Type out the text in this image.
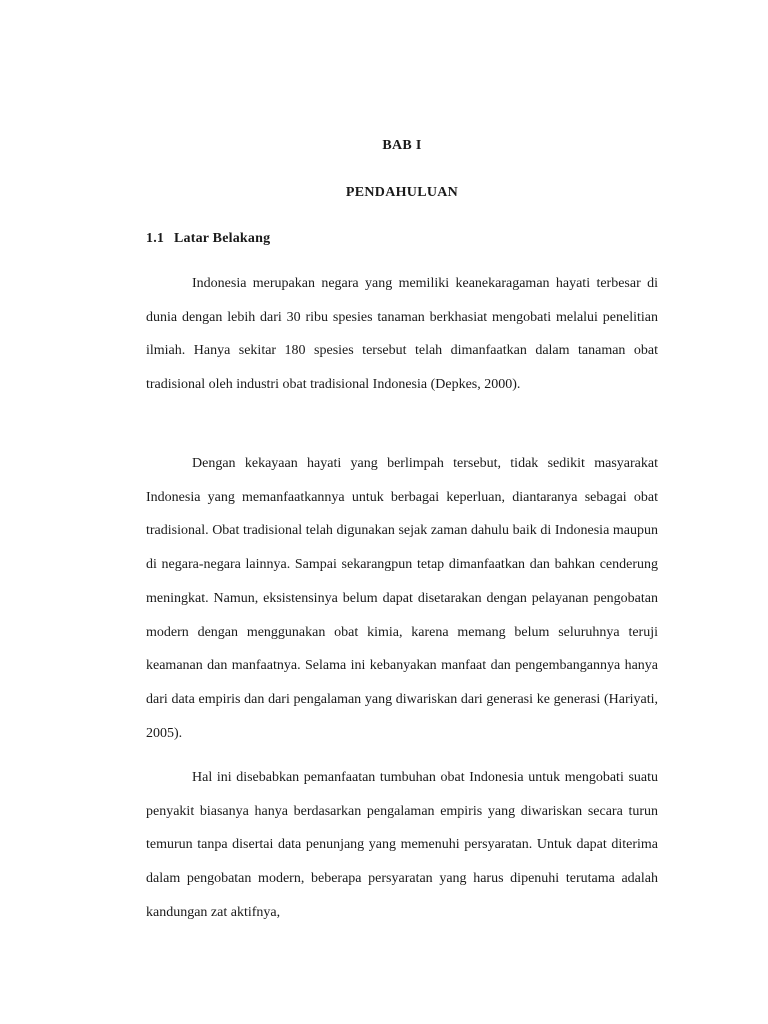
BAB I
PENDAHULUAN
1.1 Latar Belakang

Indonesia merupakan negara yang memiliki keanekaragaman hayati terbesar di dunia dengan lebih dari 30 ribu spesies tanaman berkhasiat mengobati melalui penelitian ilmiah. Hanya sekitar 180 spesies tersebut telah dimanfaatkan dalam tanaman obat tradisional oleh industri obat tradisional Indonesia (Depkes, 2000).

Dengan kekayaan hayati yang berlimpah tersebut, tidak sedikit masyarakat Indonesia yang memanfaatkannya untuk berbagai keperluan, diantaranya sebagai obat tradisional. Obat tradisional telah digunakan sejak zaman dahulu baik di Indonesia maupun di negara-negara lainnya. Sampai sekarangpun tetap dimanfaatkan dan bahkan cenderung meningkat. Namun, eksistensinya belum dapat disetarakan dengan pelayanan pengobatan modern dengan menggunakan obat kimia, karena memang belum seluruhnya teruji keamanan dan manfaatnya. Selama ini kebanyakan manfaat dan pengembangannya hanya dari data empiris dan dari pengalaman yang diwariskan dari generasi ke generasi (Hariyati, 2005).

Hal ini disebabkan pemanfaatan tumbuhan obat Indonesia untuk mengobati suatu penyakit biasanya hanya berdasarkan pengalaman empiris yang diwariskan secara turun temurun tanpa disertai data penunjang yang memenuhi persyaratan. Untuk dapat diterima dalam pengobatan modern, beberapa persyaratan yang harus dipenuhi terutama adalah kandungan zat aktifnya,
